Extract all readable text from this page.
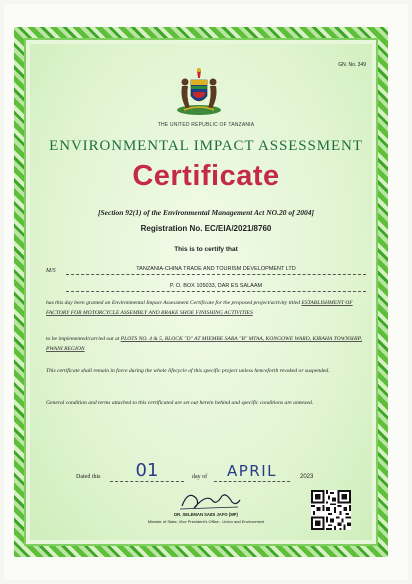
GN. No. 349
THE UNITED REPUBLIC OF TANZANIA
ENVIRONMENTAL IMPACT ASSESSMENT
Certificate
[Section 92(1) of the Environmental Management Act NO.20 of 2004]
Registration No. EC/EIA/2021/8760
This is to certify that
M/S	TANZANIA-CHINA TRADE AND TOURISM DEVELOPMENT LTD
P. O. BOX 105033, DAR ES SALAAM
has this day been granted an Environmental Impact Assessment Certificate for the proposed project/activity titled ESTABLISHMENT OF FACTORY FOR MOTORCYCLE ASSEMBLY AND BRAKE SHOE FINISHING ACTIVITIES
to be implemented/carried out at PLOTS NO. 4 & 5, BLOCK "D" AT MIEMBE SABA "B" MTAA, KONGOWE WARD, KIBAHA TOWNSHIP, PWANI REGION
This certificate shall remain in force during the whole lifecycle of this specific project unless henceforth revoked or suspended.
General condition and terms attached to this certificated are set out herein behind and specific conditions are annexed.
Dated this	01	day of	APRIL	2023
DR. SELEMAN SAIDI JAFO (MP)
Minister of State, Vice President's Office - Union and Environment
